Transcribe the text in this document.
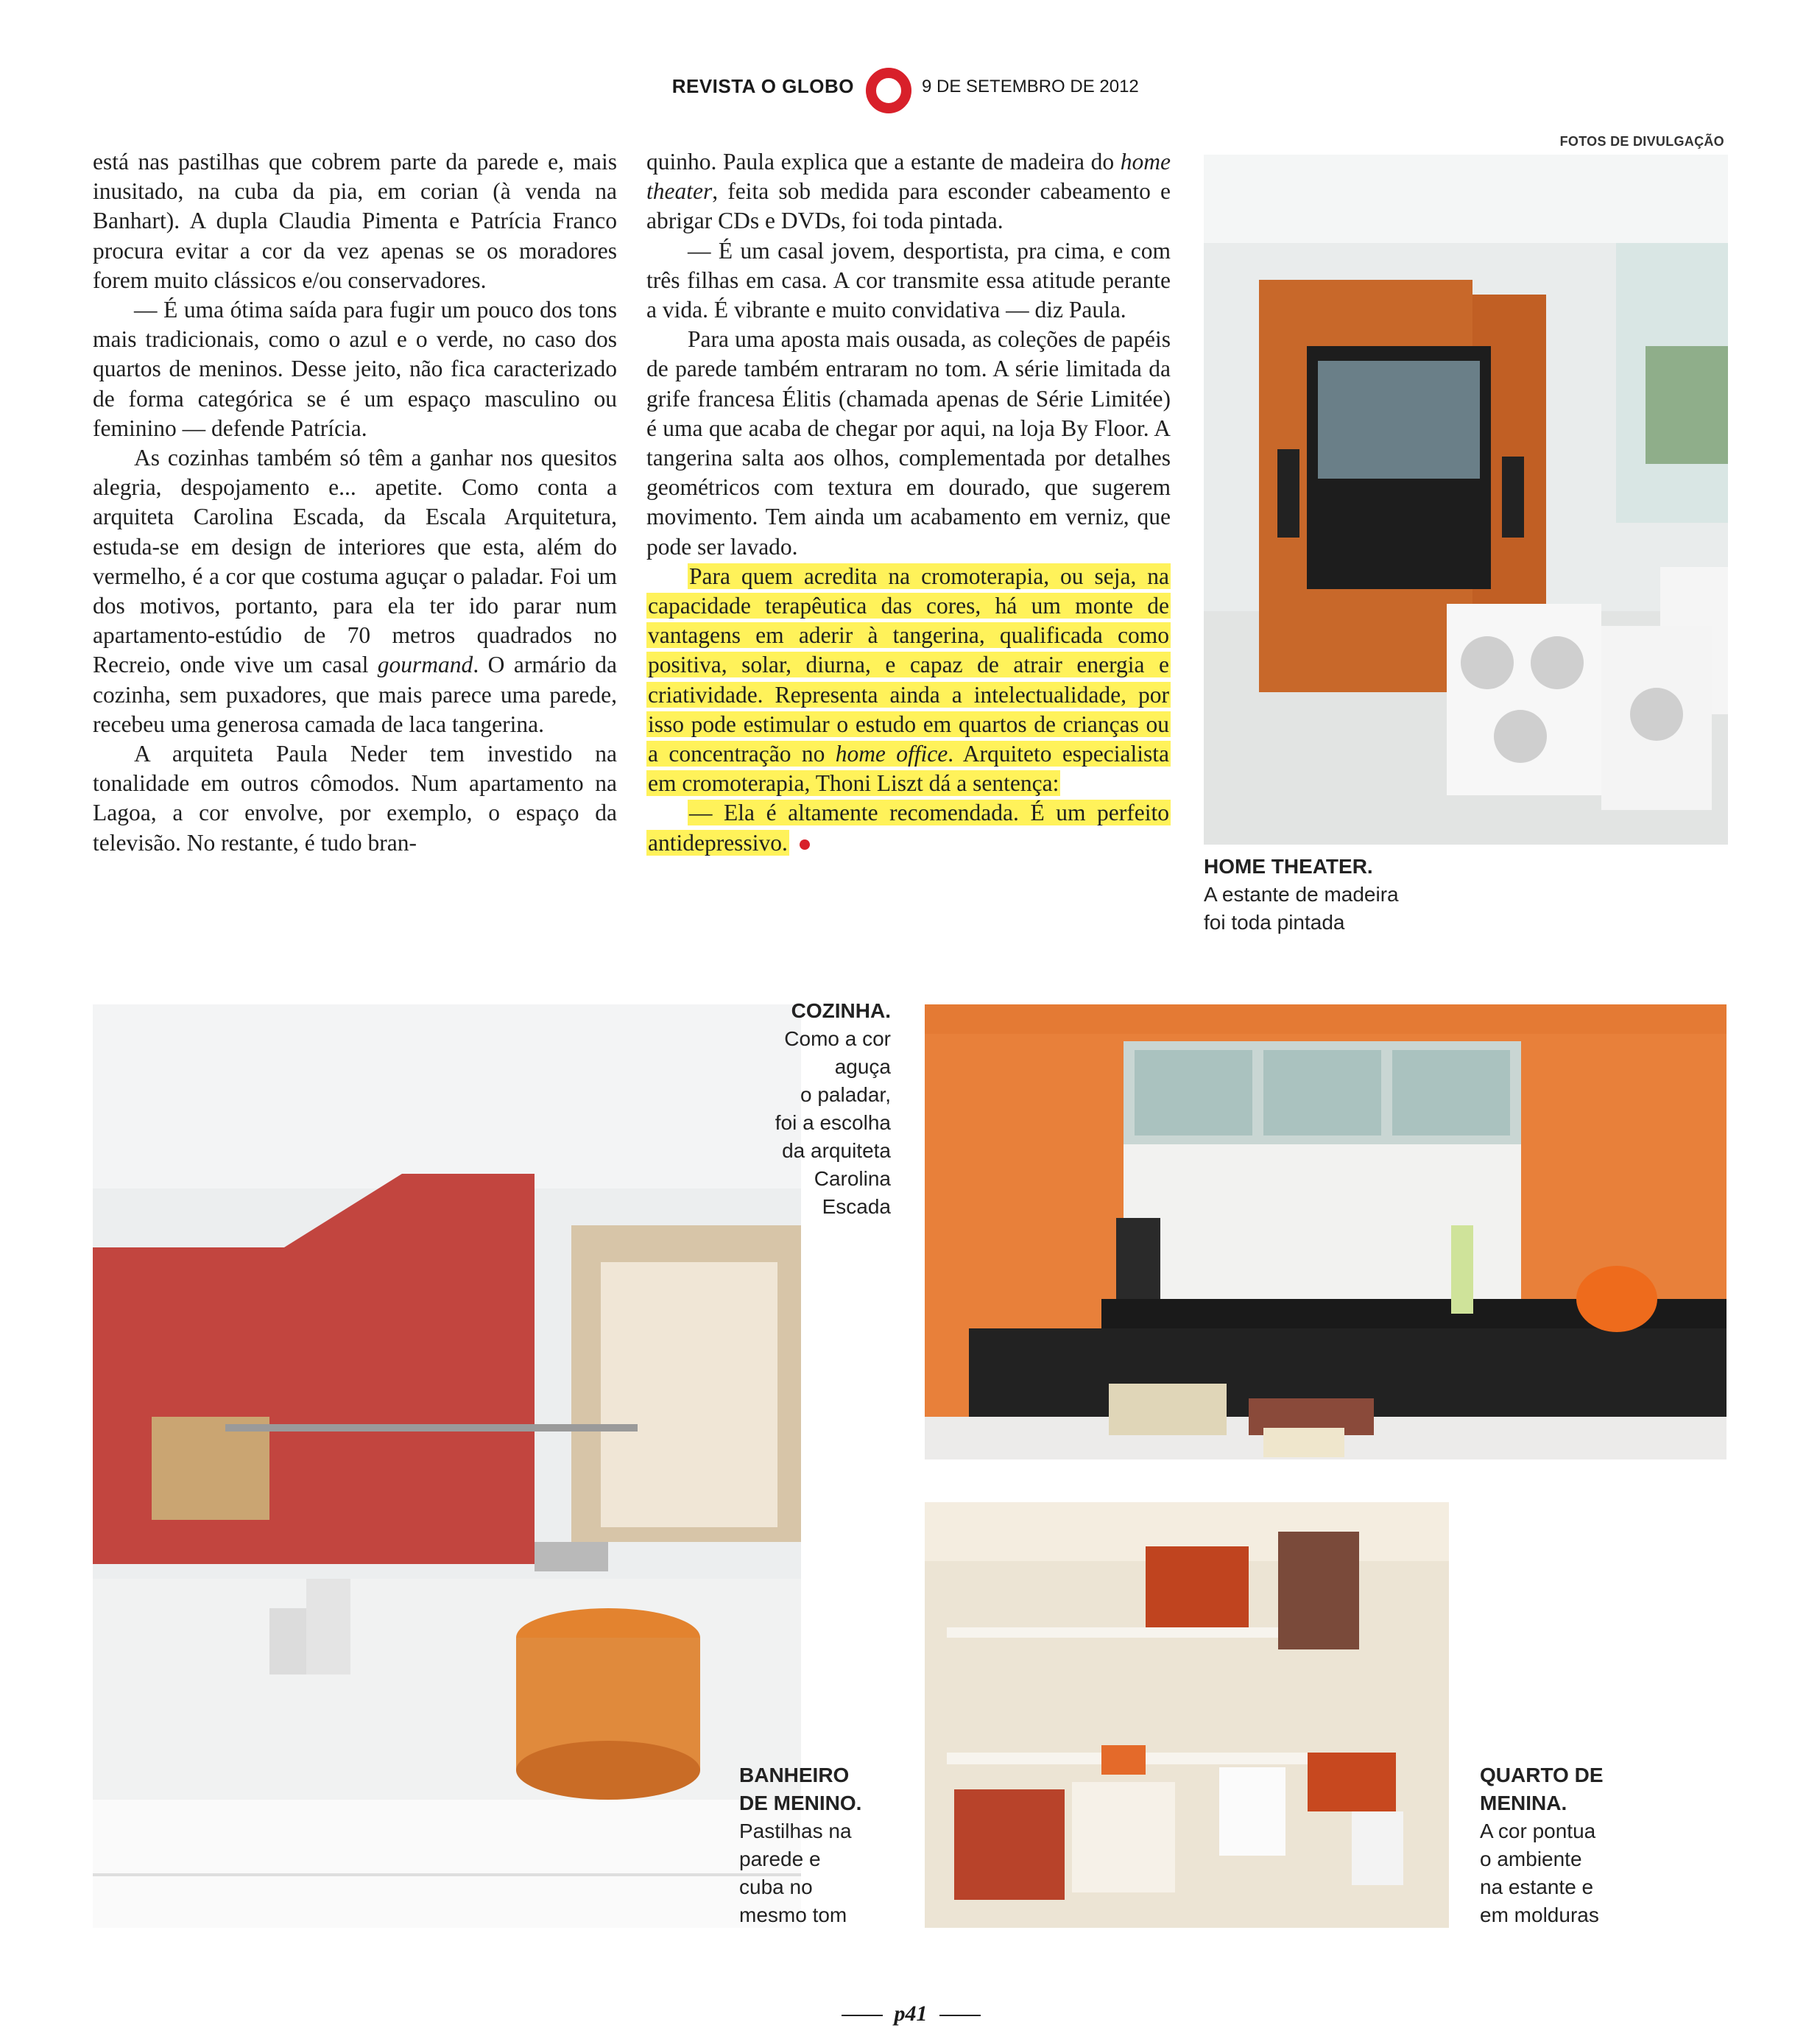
REVISTA O GLOBO	9 DE SETEMBRO DE 2012
FOTOS DE DIVULGAÇÃO

está nas pastilhas que cobrem parte da parede e, mais inusitado, na cuba da pia, em corian (à venda na Banhart). A dupla Claudia Pimenta e Patrícia Franco procura evitar a cor da vez apenas se os moradores forem muito clássicos e/ou conservadores.

— É uma ótima saída para fugir um pouco dos tons mais tradicionais, como o azul e o verde, no caso dos quartos de meninos. Desse jeito, não fica caracterizado de forma categórica se é um espaço masculino ou feminino — defende Patrícia.

As cozinhas também só têm a ganhar nos quesitos alegria, despojamento e... apetite. Como conta a arquiteta Carolina Escada, da Escala Arquitetura, estuda-se em design de interiores que esta, além do vermelho, é a cor que costuma aguçar o paladar. Foi um dos motivos, portanto, para ela ter ido parar num apartamento-estúdio de 70 metros quadrados no Recreio, onde vive um casal gourmand. O armário da cozinha, sem puxadores, que mais parece uma parede, recebeu uma generosa camada de laca tangerina.

A arquiteta Paula Neder tem investido na tonalidade em outros cômodos. Num apartamento na Lagoa, a cor envolve, por exemplo, o espaço da televisão. No restante, é tudo bran-

quinho. Paula explica que a estante de madeira do home theater, feita sob medida para esconder cabeamento e abrigar CDs e DVDs, foi toda pintada.

— É um casal jovem, desportista, pra cima, e com três filhas em casa. A cor transmite essa atitude perante a vida. É vibrante e muito convidativa — diz Paula.

Para uma aposta mais ousada, as coleções de papéis de parede também entraram no tom. A série limitada da grife francesa Élitis (chamada apenas de Série Limitée) é uma que acaba de chegar por aqui, na loja By Floor. A tangerina salta aos olhos, complementada por detalhes geométricos com textura em dourado, que sugerem movimento. Tem ainda um acabamento em verniz, que pode ser lavado.

Para quem acredita na cromoterapia, ou seja, na capacidade terapêutica das cores, há um monte de vantagens em aderir à tangerina, qualificada como positiva, solar, diurna, e capaz de atrair energia e criatividade. Representa ainda a intelectualidade, por isso pode estimular o estudo em quartos de crianças ou a concentração no home office. Arquiteto especialista em cromoterapia, Thoni Liszt dá a sentença:

— Ela é altamente recomendada. É um perfeito antidepressivo.

HOME THEATER.
A estante de madeira
foi toda pintada
BANHEIRO
DE MENINO.
Pastilhas na
parede e
cuba no
mesmo tom
COZINHA.
Como a cor
aguça
o paladar,
foi a escolha
da arquiteta
Carolina
Escada
QUARTO DE
MENINA.
A cor pontua
o ambiente
na estante e
em molduras
p41
